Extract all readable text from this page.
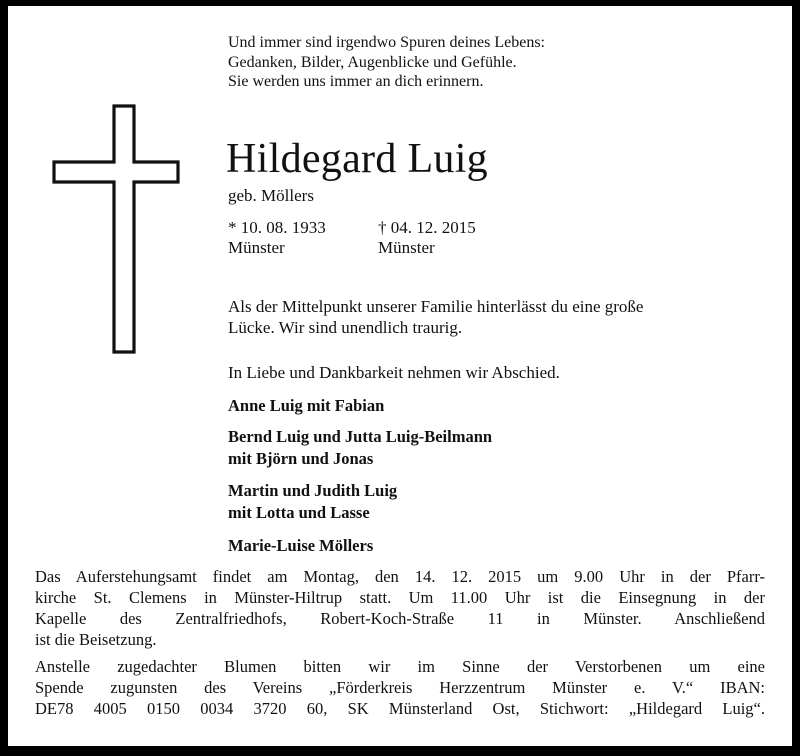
Und immer sind irgendwo Spuren deines Lebens:
Gedanken, Bilder, Augenblicke und Gefühle.
Sie werden uns immer an dich erinnern.
Hildegard Luig
geb. Möllers
* 10. 08. 1933
Münster
† 04. 12. 2015
Münster
Als der Mittelpunkt unserer Familie hinterlässt du eine große
Lücke. Wir sind unendlich traurig.
In Liebe und Dankbarkeit nehmen wir Abschied.
Anne Luig mit Fabian
Bernd Luig und Jutta Luig-Beilmann
mit Björn und Jonas
Martin und Judith Luig
mit Lotta und Lasse
Marie-Luise Möllers
Das Auferstehungsamt findet am Montag, den 14. 12. 2015 um 9.00 Uhr in der Pfarr-
kirche St. Clemens in Münster-Hiltrup statt. Um 11.00 Uhr ist die Einsegnung in der
Kapelle des Zentralfriedhofs, Robert-Koch-Straße 11 in Münster. Anschließend
ist die Beisetzung.
Anstelle zugedachter Blumen bitten wir im Sinne der Verstorbenen um eine
Spende zugunsten des Vereins „Förderkreis Herzzentrum Münster e. V.“ IBAN:
DE78 4005 0150 0034 3720 60, SK Münsterland Ost, Stichwort: „Hildegard Luig“.
